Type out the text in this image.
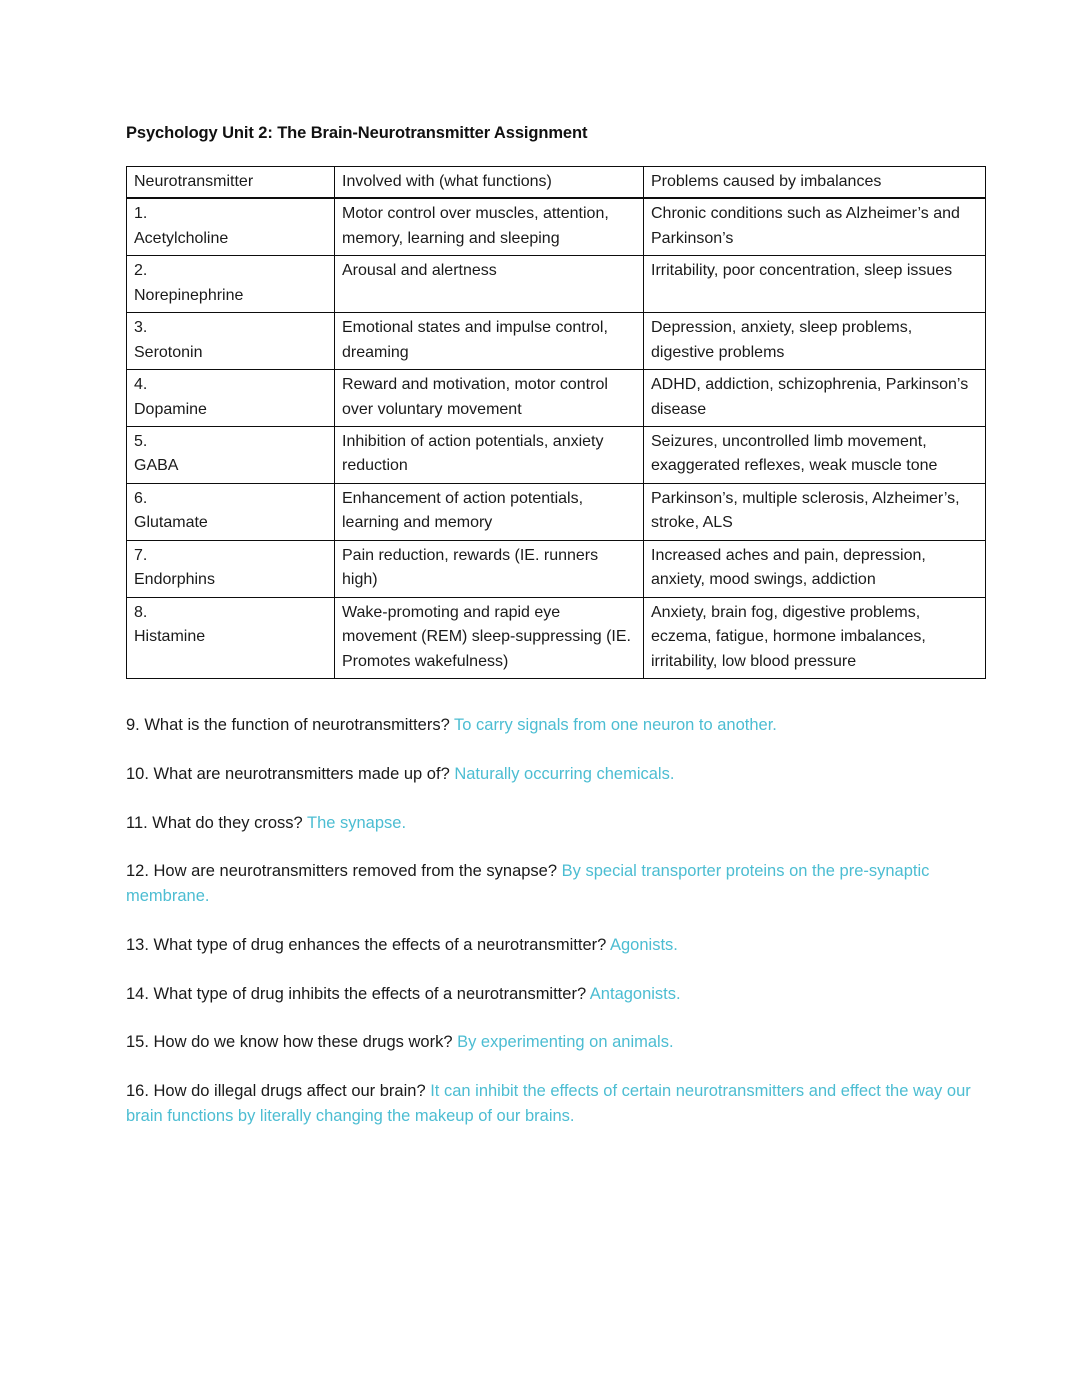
Psychology Unit 2: The Brain-Neurotransmitter Assignment
Neurotransmitter	Involved with (what functions)	Problems caused by imbalances

1.
Acetylcholine	Motor control over muscles, attention, memory, learning and sleeping	Chronic conditions such as Alzheimer’s and Parkinson’s

2.
Norepinephrine	Arousal and alertness	Irritability, poor concentration, sleep issues

3.
Serotonin	Emotional states and impulse control, dreaming	Depression, anxiety, sleep problems, digestive problems

4.
Dopamine	Reward and motivation, motor control over voluntary movement	ADHD, addiction, schizophrenia, Parkinson’s disease

5.
GABA	Inhibition of action potentials, anxiety reduction	Seizures, uncontrolled limb movement, exaggerated reflexes, weak muscle tone

6.
Glutamate	Enhancement of action potentials, learning and memory	Parkinson’s, multiple sclerosis, Alzheimer’s, stroke, ALS

7.
Endorphins	Pain reduction, rewards (IE. runners high)	Increased aches and pain, depression, anxiety, mood swings, addiction

8.
Histamine	Wake-promoting and rapid eye movement (REM) sleep-suppressing (IE. Promotes wakefulness)	Anxiety, brain fog, digestive problems, eczema, fatigue, hormone imbalances, irritability, low blood pressure

9. What is the function of neurotransmitters? To carry signals from one neuron to another.

10. What are neurotransmitters made up of? Naturally occurring chemicals.

11. What do they cross? The synapse.

12. How are neurotransmitters removed from the synapse? By special transporter proteins on the pre-synaptic membrane.

13. What type of drug enhances the effects of a neurotransmitter? Agonists.

14. What type of drug inhibits the effects of a neurotransmitter? Antagonists.

15. How do we know how these drugs work? By experimenting on animals.

16. How do illegal drugs affect our brain? It can inhibit the effects of certain neurotransmitters and effect the way our brain functions by literally changing the makeup of our brains.
